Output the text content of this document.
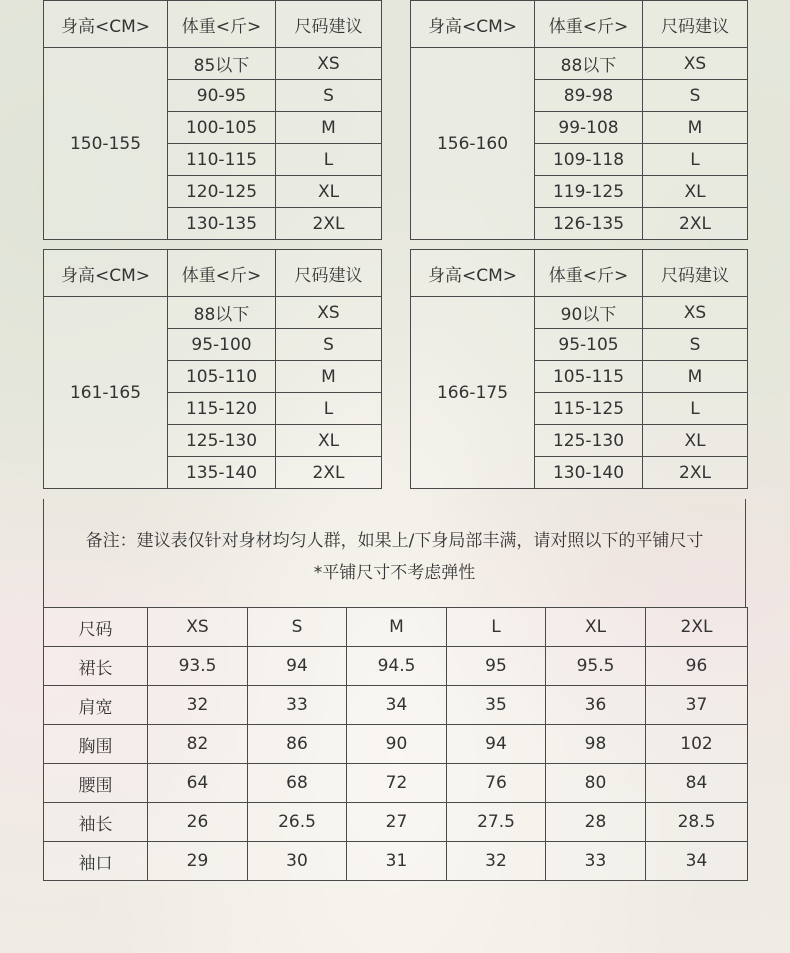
身高<CM>	体重<斤>	尺码建议
150-155	85以下	XS
	90-95	S
	100-105	M
	110-115	L
	120-125	XL
	130-135	2XL
身高<CM>	体重<斤>	尺码建议
156-160	88以下	XS
	89-98	S
	99-108	M
	109-118	L
	119-125	XL
	126-135	2XL
身高<CM>	体重<斤>	尺码建议
161-165	88以下	XS
	95-100	S
	105-110	M
	115-120	L
	125-130	XL
	135-140	2XL
身高<CM>	体重<斤>	尺码建议
166-175	90以下	XS
	95-105	S
	105-115	M
	115-125	L
	125-130	XL
	130-140	2XL
备注：建议表仅针对身材均匀人群，如果上/下身局部丰满，请对照以下的平铺尺寸
*平铺尺寸不考虑弹性
尺码	XS	S	M	L	XL	2XL
裙长	93.5	94	94.5	95	95.5	96
肩宽	32	33	34	35	36	37
胸围	82	86	90	94	98	102
腰围	64	68	72	76	80	84
袖长	26	26.5	27	27.5	28	28.5
袖口	29	30	31	32	33	34
